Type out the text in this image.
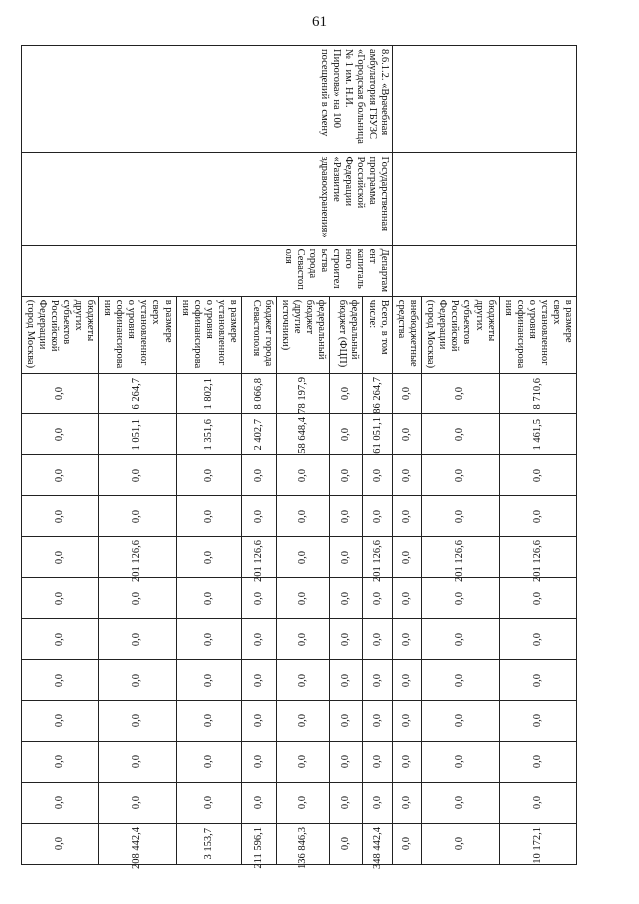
61
			в размере сверх установленного уровня софинансирования	8 710,6	1 461,5	0,0	0,0	201 126,6	0,0	0,0	0,0	0,0	0,0	0,0	10 172,1
			бюджеты других субъектов Российской Федерации (город Москва)	0,0	0,0	0,0	0,0	201 126,6	0,0	0,0	0,0	0,0	0,0	0,0	0,0
			внебюджетные средства	0,0	0,0	0,0	0,0	0,0	0,0	0,0	0,0	0,0	0,0	0,0	0,0
8.6.1.2. «Врачебная амбулатория ГБУЗС «Городская больница № 1 им. Н.И. Пирогова» на 100 посещений в смену	Государственная программа Российской Федерации «Развитие здравоохранения»	Департамент капитального строительства города Севастополя	Всего, в том числе:	86 264,7	61 051,1	0,0	0,0	201 126,6	0,0	0,0	0,0	0,0	0,0	0,0	348 442,4
			федеральный бюджет (ФЦП)	0,0	0,0	0,0	0,0	0,0	0,0	0,0	0,0	0,0	0,0	0,0	0,0
			федеральный бюджет (другие источники)	78 197,9	58 648,4	0,0	0,0	0,0	0,0	0,0	0,0	0,0	0,0	0,0	136 846,3
			бюджет города Севастополя	8 066,8	2 402,7	0,0	0,0	201 126,6	0,0	0,0	0,0	0,0	0,0	0,0	211 596,1
			в размере установленного уровня софинансирования	1 802,1	1 351,6	0,0	0,0	0,0	0,0	0,0	0,0	0,0	0,0	0,0	3 153,7
			в размере сверх установленного уровня софинансирования	6 264,7	1 051,1	0,0	0,0	201 126,6	0,0	0,0	0,0	0,0	0,0	0,0	208 442,4
			бюджеты других субъектов Российской Федерации (город Москва)	0,0	0,0	0,0	0,0	0,0	0,0	0,0	0,0	0,0	0,0	0,0	0,0
